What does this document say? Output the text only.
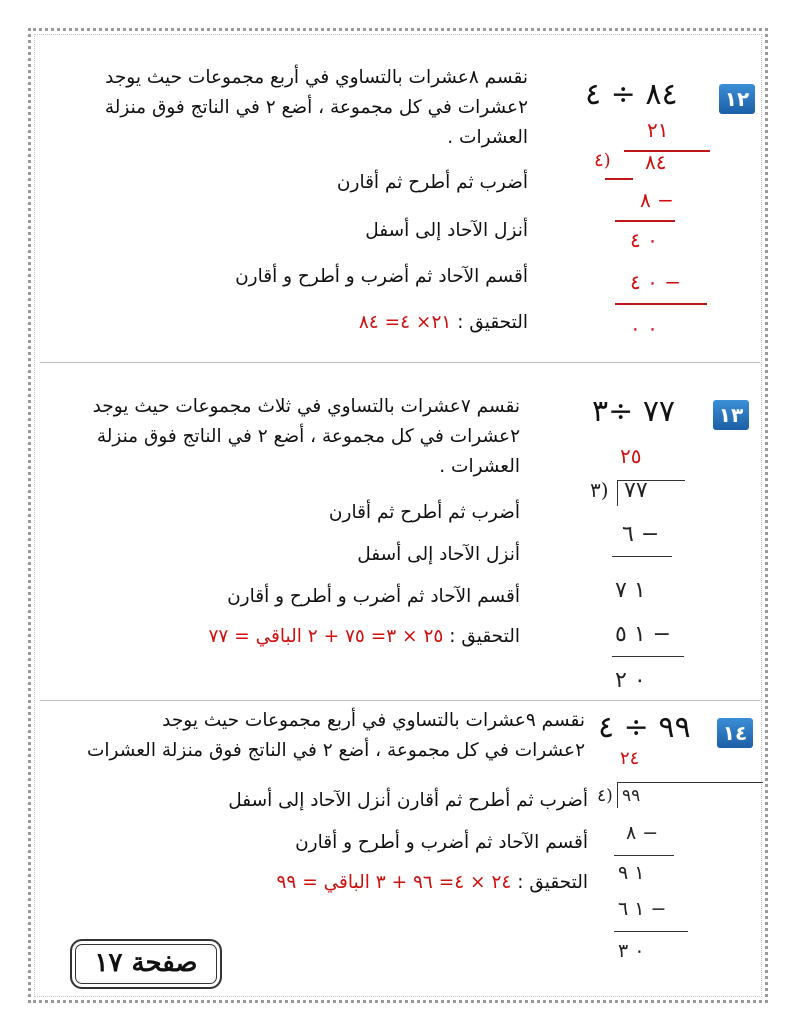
١٢
٨٤ ÷ ٤
نقسم ٨عشرات بالتساوي في أربع مجموعات حيث يوجد
٢عشرات في كل مجموعة ، أضع ٢ في الناتج فوق منزلة
العشرات .
أضرب ثم أطرح ثم أقارن
أنزل الآحاد إلى أسفل
أقسم الآحاد ثم أضرب و أطرح و أقارن
التحقيق : ٢١× ٤= ٨٤
٢١
٤) ٨٤
٨ −
٠ ٤
٠ ٤ −
٠ ٠
١٣
٧٧ ÷٣
نقسم ٧عشرات بالتساوي في ثلاث مجموعات حيث يوجد
٢عشرات في كل مجموعة ، أضع ٢ في الناتج فوق منزلة
العشرات .
أضرب ثم أطرح ثم أقارن
أنزل الآحاد إلى أسفل
أقسم الآحاد ثم أضرب و أطرح و أقارن
التحقيق : ٢٥ × ٣= ٧٥ + ٢ الباقي = ٧٧
٢٥
٣) ٧٧
٦ −
١ ٧
١ ٥ −
٠ ٢
١٤
٩٩ ÷ ٤
نقسم ٩عشرات بالتساوي في أربع مجموعات حيث يوجد
٢عشرات في كل مجموعة ، أضع ٢ في الناتج فوق منزلة العشرات
أضرب ثم أطرح ثم أقارن أنزل الآحاد إلى أسفل
أقسم الآحاد ثم أضرب و أطرح و أقارن
التحقيق : ٢٤ × ٤= ٩٦ + ٣ الباقي = ٩٩
٢٤
٤) ٩٩
٨ −
١ ٩
١ ٦ −
٠ ٣
صفحة ١٧
